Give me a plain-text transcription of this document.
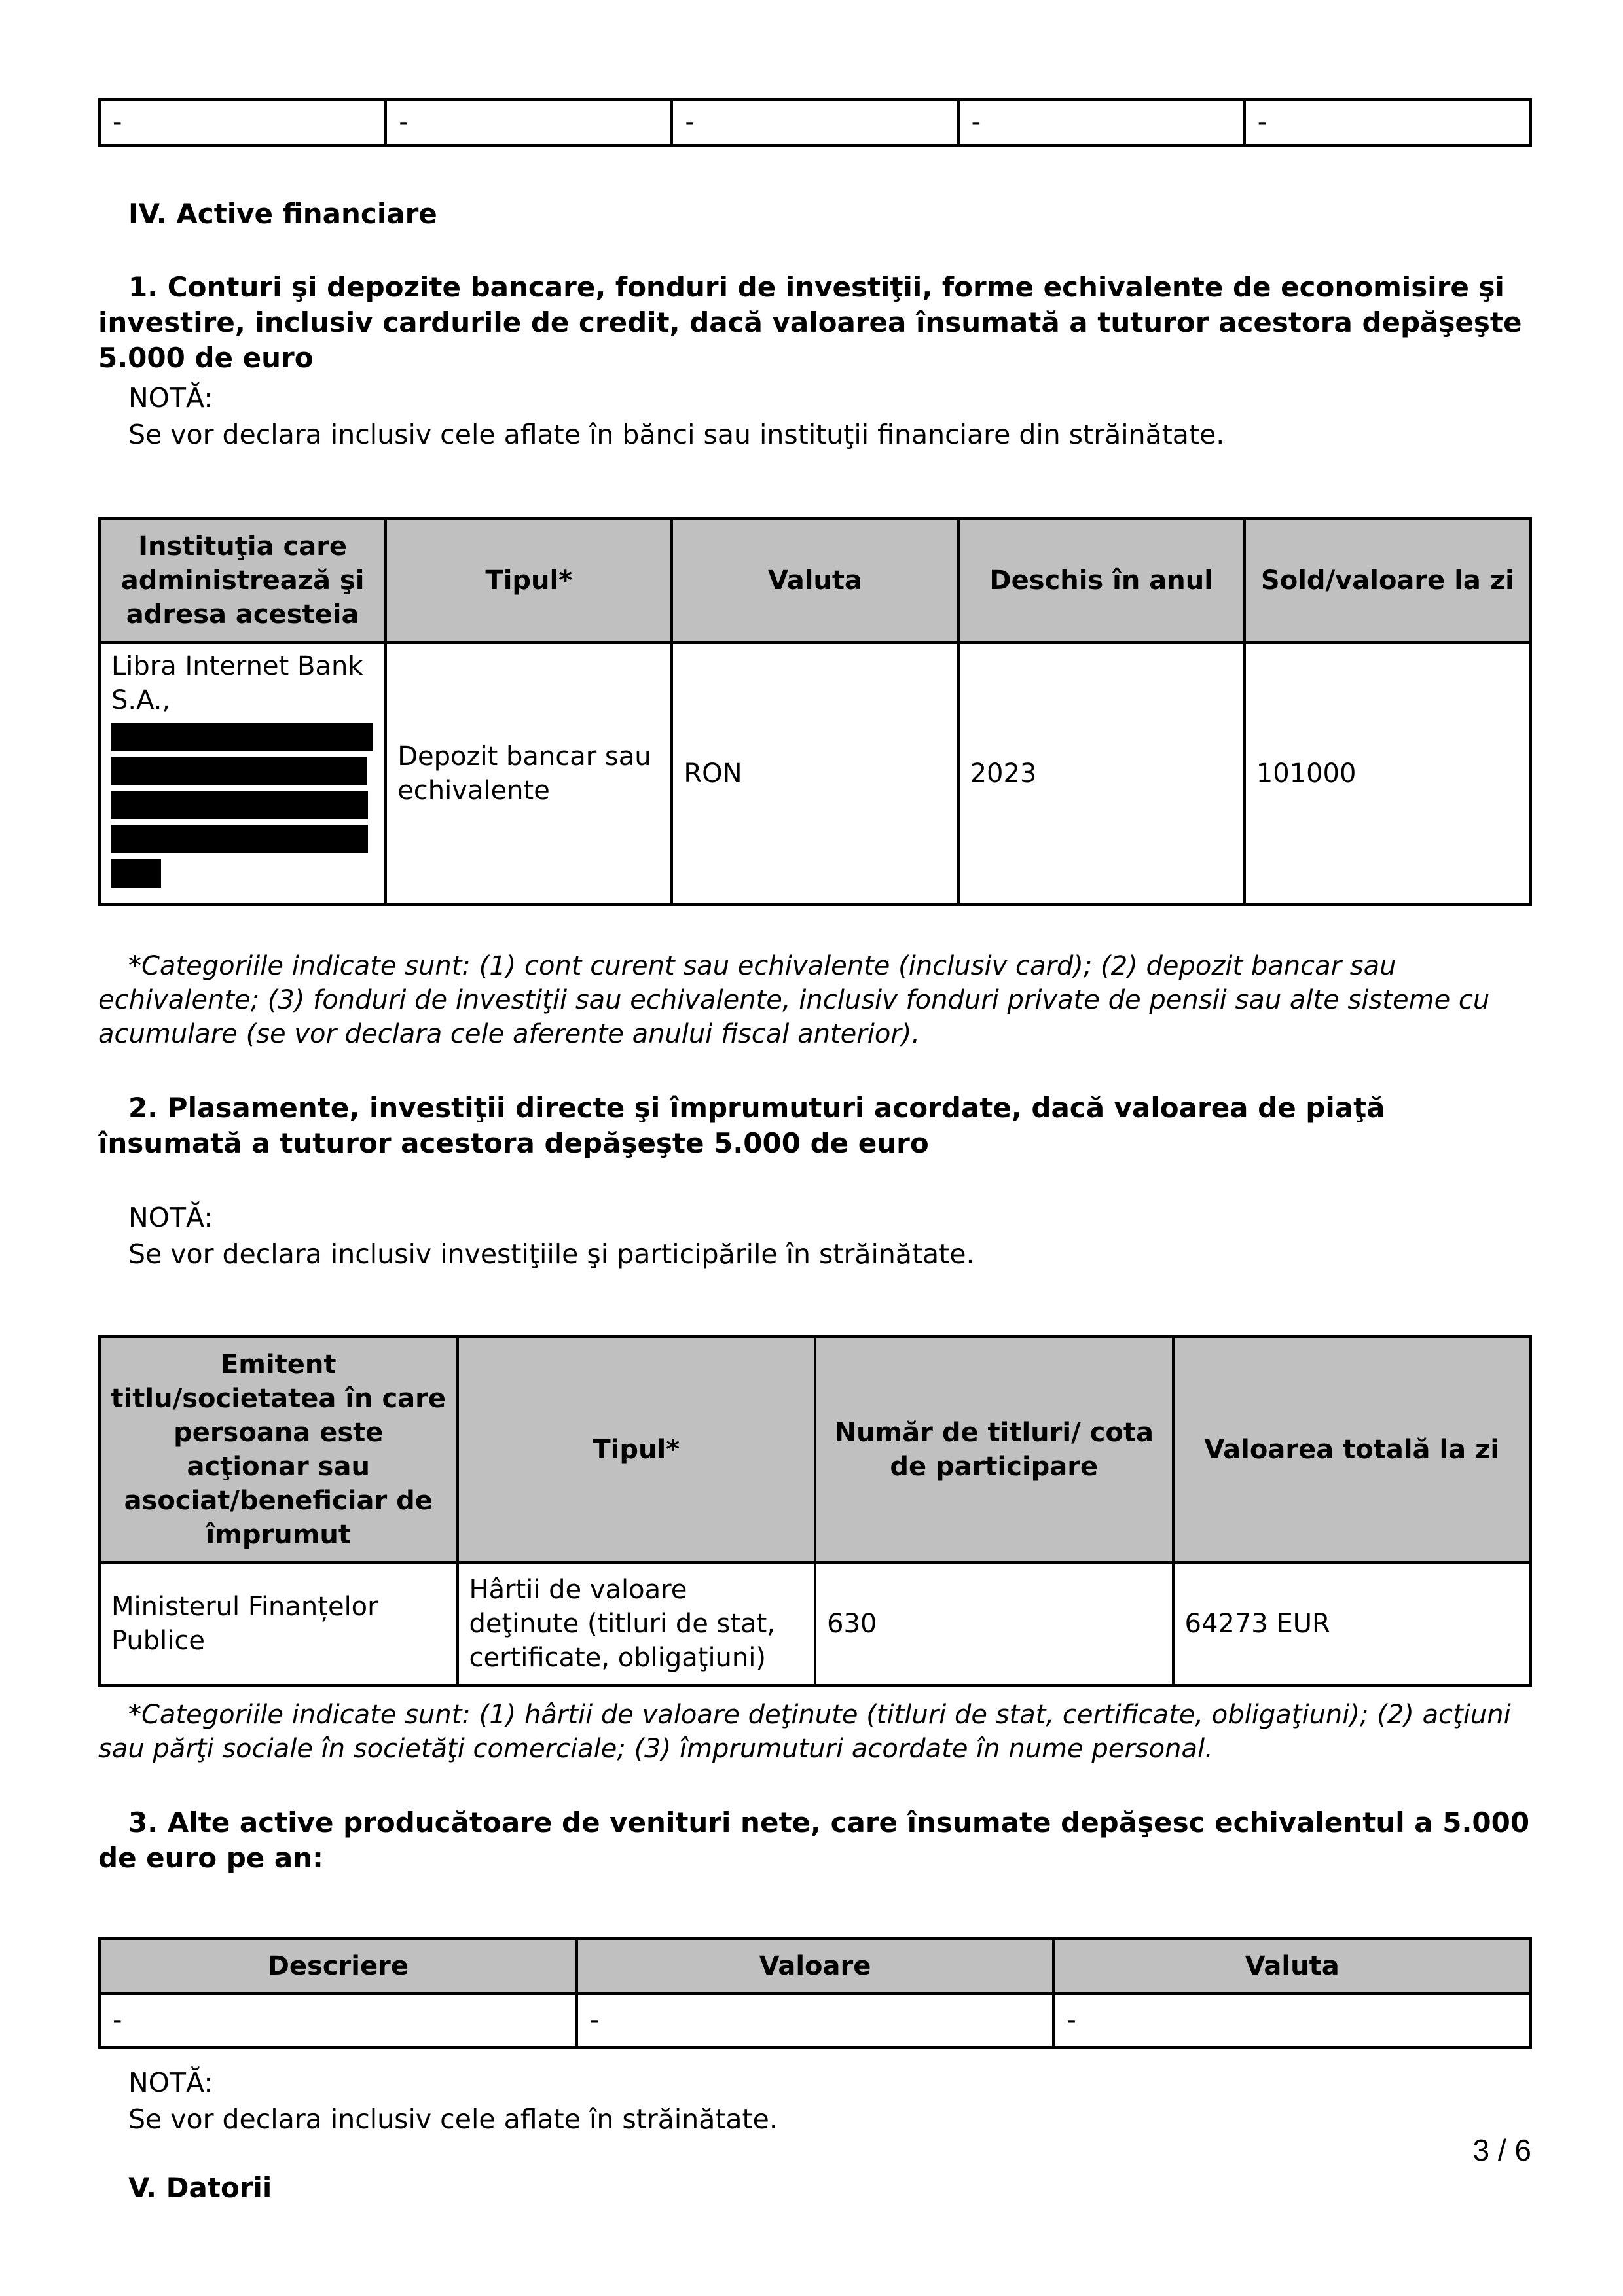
-	-	-	-	-

IV. Active financiare

1. Conturi şi depozite bancare, fonduri de investiţii, forme echivalente de economisire şi investire, inclusiv cardurile de credit, dacă valoarea însumată a tuturor acestora depăşeşte 5.000 de euro

NOTĂ:

Se vor declara inclusiv cele aflate în bănci sau instituţii financiare din străinătate.

Instituţia care administrează şi adresa acesteia	Tipul*	Valuta	Deschis în anul	Sold/valoare la zi
Libra Internet Bank S.A.,	Depozit bancar sau echivalente	RON	2023	101000

*Categoriile indicate sunt: (1) cont curent sau echivalente (inclusiv card); (2) depozit bancar sau echivalente; (3) fonduri de investiţii sau echivalente, inclusiv fonduri private de pensii sau alte sisteme cu acumulare (se vor declara cele aferente anului fiscal anterior).

2. Plasamente, investiţii directe şi împrumuturi acordate, dacă valoarea de piaţă însumată a tuturor acestora depăşeşte 5.000 de euro

NOTĂ:

Se vor declara inclusiv investiţiile şi participările în străinătate.

Emitent titlu/societatea în care persoana este acţionar sau asociat/beneficiar de împrumut	Tipul*	Număr de titluri/ cota de participare	Valoarea totală la zi
Ministerul Finanțelor Publice	Hârtii de valoare deţinute (titluri de stat, certificate, obligaţiuni)	630	64273 EUR

*Categoriile indicate sunt: (1) hârtii de valoare deţinute (titluri de stat, certificate, obligaţiuni); (2) acţiuni sau părţi sociale în societăţi comerciale; (3) împrumuturi acordate în nume personal.

3. Alte active producătoare de venituri nete, care însumate depăşesc echivalentul a 5.000 de euro pe an:

Descriere	Valoare	Valuta
-	-	-

NOTĂ:

Se vor declara inclusiv cele aflate în străinătate.

V. Datorii

3 / 6
